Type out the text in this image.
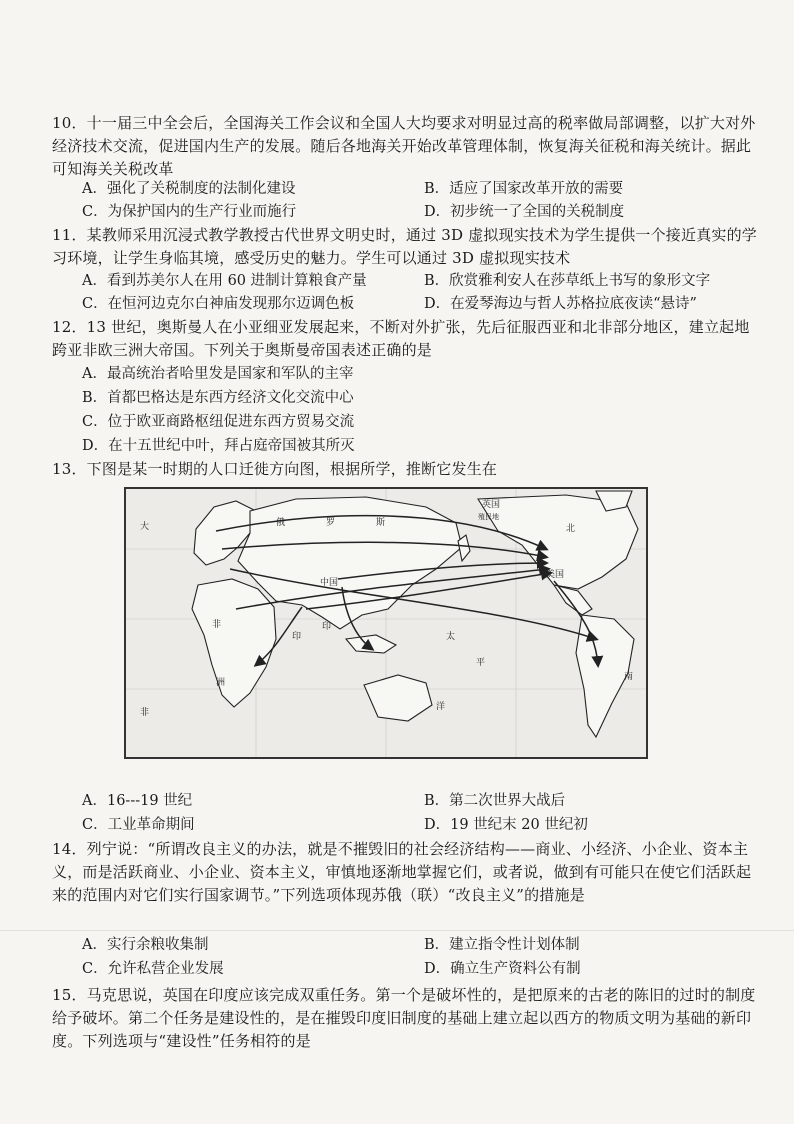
10．十一届三中全会后，全国海关工作会议和全国人大均要求对明显过高的税率做局部调整，以扩大对外经济技术交流，促进国内生产的发展。随后各地海关开始改革管理体制，恢复海关征税和海关统计。据此可知海关关税改革
A．强化了关税制度的法制化建设	B．适应了国家改革开放的需要
C．为保护国内的生产行业而施行	D．初步统一了全国的关税制度
11．某教师采用沉浸式教学教授古代世界文明史时，通过 3D 虚拟现实技术为学生提供一个接近真实的学习环境，让学生身临其境，感受历史的魅力。学生可以通过 3D 虚拟现实技术
A．看到苏美尔人在用 60 进制计算粮食产量	B．欣赏雅利安人在莎草纸上书写的象形文字
C．在恒河边克尔白神庙发现那尔迈调色板	D．在爱琴海边与哲人苏格拉底夜读“悬诗”
12．13 世纪，奥斯曼人在小亚细亚发展起来，不断对外扩张，先后征服西亚和北非部分地区，建立起地跨亚非欧三洲大帝国。下列关于奥斯曼帝国表述正确的是
A．最高统治者哈里发是国家和军队的主宰
B．首都巴格达是东西方经济文化交流中心
C．位于欧亚商路枢纽促进东西方贸易交流
D．在十五世纪中叶，拜占庭帝国被其所灭
13．下图是某一时期的人口迁徙方向图，根据所学，推断它发生在
大	俄	罗	斯
北
中国
美国
英国
殖民地
非
洲
太
平
南
印
非
洋
印
A．16---19 世纪	B．第二次世界大战后
C．工业革命期间	D．19 世纪末 20 世纪初
14．列宁说：“所谓改良主义的办法，就是不摧毁旧的社会经济结构——商业、小经济、小企业、资本主义，而是活跃商业、小企业、资本主义，审慎地逐渐地掌握它们，或者说，做到有可能只在使它们活跃起来的范围内对它们实行国家调节。”下列选项体现苏俄（联）“改良主义”的措施是
A．实行余粮收集制	B．建立指令性计划体制
C．允许私营企业发展	D．确立生产资料公有制
15．马克思说，英国在印度应该完成双重任务。第一个是破坏性的，是把原来的古老的陈旧的过时的制度给予破坏。第二个任务是建设性的，是在摧毁印度旧制度的基础上建立起以西方的物质文明为基础的新印度。下列选项与“建设性”任务相符的是
